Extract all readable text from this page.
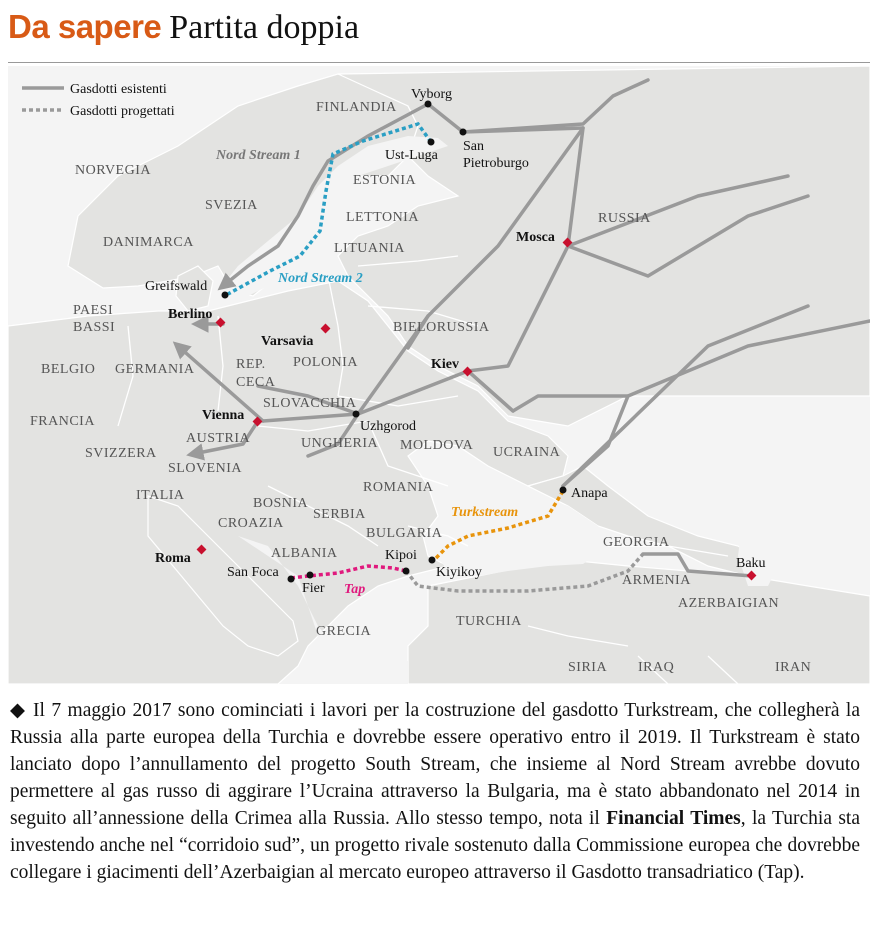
Da sapere Partita doppia
Gasdotti esistenti
Gasdotti progettati	FINLANDIA
NORVEGIA
SVEZIA
ESTONIA
LETTONIA
LITUANIA
RUSSIA
DANIMARCA
PAESI
BASSI	BIELORUSSIA
POLONIA
REP.
CECA
BELGIO GERMANIA
SLOVACCHIA
FRANCIA
AUSTRIA	UNGHERIA MOLDOVA UCRAINA
SVIZZERA
SLOVENIA
ITALIA
ROMANIA
BOSNIA
CROAZIA
SERBIA
BULGARIA
GEORGIA
ALBANIA
ARMENIA
AZERBAIGIAN
TURCHIA
GRECIA
SIRIA IRAQ	IRAN
Nord Stream 1
Nord Stream 2
Turkstream
Tap
Vyborg
Ust-Luga
San
Pietroburgo
Greifswald
Uzhgorod
Anapa
Kipoi
Kiyikoy
San Foca
Fier
Baku
Mosca
Berlino
Varsavia
Kiev
Vienna
Roma
◆ Il 7 maggio 2017 sono cominciati i lavori per la costruzione del gasdotto Turkstream, che collegherà la Russia alla parte europea della Turchia e dovrebbe essere operativo entro il 2019. Il Turkstream è stato lanciato dopo l’annullamento del progetto South Stream, che insieme al Nord Stream avrebbe dovuto permettere al gas russo di aggirare l’Ucraina attraverso la Bulgaria, ma è stato abbandonato nel 2014 in seguito all’annessione della Crimea alla Russia. Allo stesso tempo, nota il Financial Times, la Turchia sta investendo anche nel “corridoio sud”, un progetto rivale sostenuto dalla Commissione europea che dovrebbe collegare i giacimenti dell’Azerbaigian al mercato europeo attraverso il Gasdotto transadriatico (Tap).
